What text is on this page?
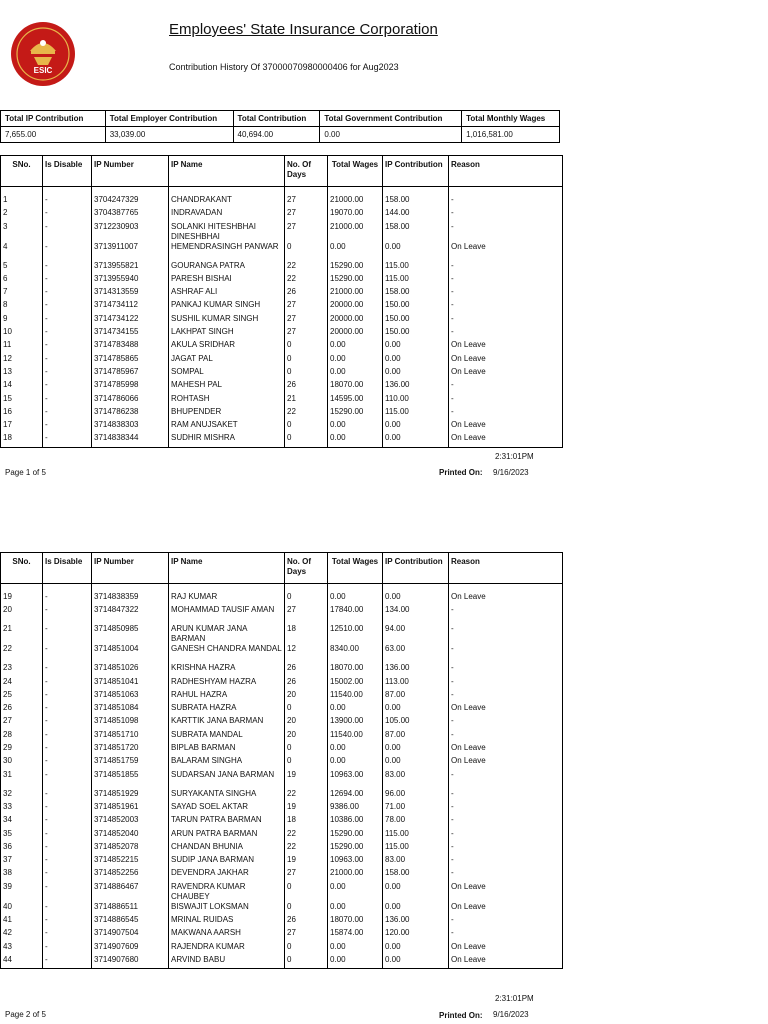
ESIC
Employees' State Insurance Corporation
Contribution History Of 37000070980000406 for Aug2023
Total IP Contribution	Total Employer Contribution	Total Contribution	Total Government Contribution	Total Monthly Wages
7,655.00	33,039.00	40,694.00	0.00	1,016,581.00
SNo.	Is Disable	IP Number	IP Name	No. Of Days	Total Wages	IP Contribution	Reason

1	-	3704247329	CHANDRAKANT	27	21000.00	158.00	-
2	-	3704387765	INDRAVADAN	27	19070.00	144.00	-
3	-	3712230903	SOLANKI HITESHBHAI DINESHBHAI	27	21000.00	158.00	-
4	-	3713911007	HEMENDRASINGH PANWAR	0	0.00	0.00	On Leave
5	-	3713955821	GOURANGA PATRA	22	15290.00	115.00	-
6	-	3713955940	PARESH BISHAI	22	15290.00	115.00	-
7	-	3714313559	ASHRAF ALI	26	21000.00	158.00	-
8	-	3714734112	PANKAJ KUMAR SINGH	27	20000.00	150.00	-
9	-	3714734122	SUSHIL KUMAR SINGH	27	20000.00	150.00	-
10	-	3714734155	LAKHPAT SINGH	27	20000.00	150.00	-
11	-	3714783488	AKULA SRIDHAR	0	0.00	0.00	On Leave
12	-	3714785865	JAGAT PAL	0	0.00	0.00	On Leave
13	-	3714785967	SOMPAL	0	0.00	0.00	On Leave
14	-	3714785998	MAHESH PAL	26	18070.00	136.00	-
15	-	3714786066	ROHTASH	21	14595.00	110.00	-
16	-	3714786238	BHUPENDER	22	15290.00	115.00	-
17	-	3714838303	RAM ANUJSAKET	0	0.00	0.00	On Leave
18	-	3714838344	SUDHIR MISHRA	0	0.00	0.00	On Leave
2:31:01PM
Page 1 of 5	Printed On: 9/16/2023
SNo.	Is Disable	IP Number	IP Name	No. Of Days	Total Wages	IP Contribution	Reason

19	-	3714838359	RAJ KUMAR	0	0.00	0.00	On Leave
20	-	3714847322	MOHAMMAD TAUSIF AMAN	27	17840.00	134.00	-
21	-	3714850985	ARUN KUMAR JANA BARMAN	18	12510.00	94.00	-
22	-	3714851004	GANESH CHANDRA MANDAL	12	8340.00	63.00	-
23	-	3714851026	KRISHNA HAZRA	26	18070.00	136.00	-
24	-	3714851041	RADHESHYAM HAZRA	26	15002.00	113.00	-
25	-	3714851063	RAHUL HAZRA	20	11540.00	87.00	-
26	-	3714851084	SUBRATA HAZRA	0	0.00	0.00	On Leave
27	-	3714851098	KARTTIK JANA BARMAN	20	13900.00	105.00	-
28	-	3714851710	SUBRATA MANDAL	20	11540.00	87.00	-
29	-	3714851720	BIPLAB BARMAN	0	0.00	0.00	On Leave
30	-	3714851759	BALARAM SINGHA	0	0.00	0.00	On Leave
31	-	3714851855	SUDARSAN JANA BARMAN	19	10963.00	83.00	-
32	-	3714851929	SURYAKANTA SINGHA	22	12694.00	96.00	-
33	-	3714851961	SAYAD SOEL AKTAR	19	9386.00	71.00	-
34	-	3714852003	TARUN PATRA BARMAN	18	10386.00	78.00	-
35	-	3714852040	ARUN PATRA BARMAN	22	15290.00	115.00	-
36	-	3714852078	CHANDAN BHUNIA	22	15290.00	115.00	-
37	-	3714852215	SUDIP JANA BARMAN	19	10963.00	83.00	-
38	-	3714852256	DEVENDRA JAKHAR	27	21000.00	158.00	-
39	-	3714886467	RAVENDRA KUMAR CHAUBEY	0	0.00	0.00	On Leave
40	-	3714886511	BISWAJIT LOKSMAN	0	0.00	0.00	On Leave
41	-	3714886545	MRINAL RUIDAS	26	18070.00	136.00	-
42	-	3714907504	MAKWANA AARSH	27	15874.00	120.00	-
43	-	3714907609	RAJENDRA KUMAR	0	0.00	0.00	On Leave
44	-	3714907680	ARVIND BABU	0	0.00	0.00	On Leave
2:31:01PM
Page 2 of 5	Printed On: 9/16/2023
